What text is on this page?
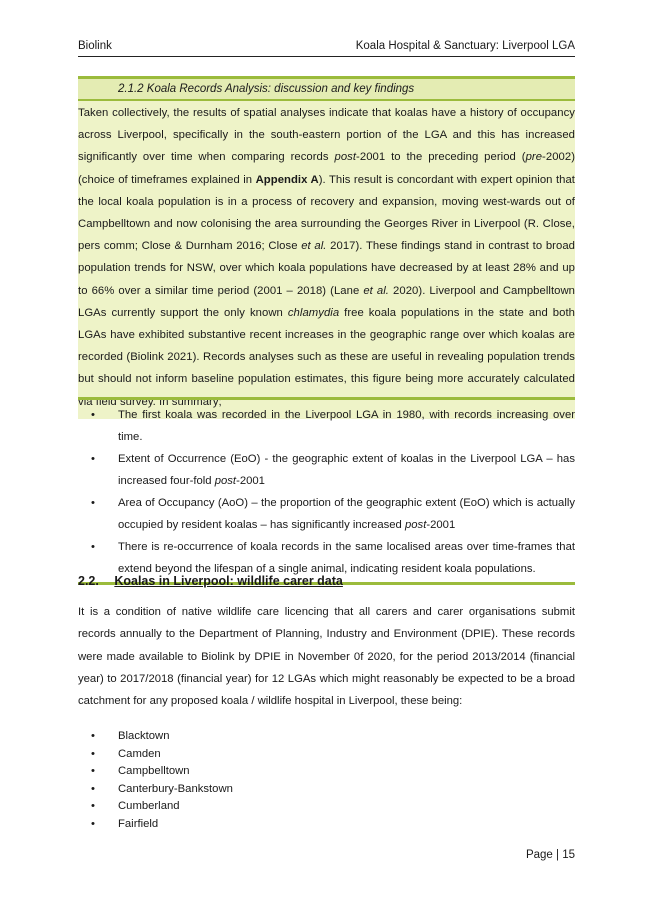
Biolink	Koala Hospital & Sanctuary: Liverpool LGA
2.1.2 Koala Records Analysis: discussion and key findings
Taken collectively, the results of spatial analyses indicate that koalas have a history of occupancy across Liverpool, specifically in the south-eastern portion of the LGA and this has increased significantly over time when comparing records post-2001 to the preceding period (pre-2002) (choice of timeframes explained in Appendix A). This result is concordant with expert opinion that the local koala population is in a process of recovery and expansion, moving west-wards out of Campbelltown and now colonising the area surrounding the Georges River in Liverpool (R. Close, pers comm; Close & Durnham 2016; Close et al. 2017). These findings stand in contrast to broad population trends for NSW, over which koala populations have decreased by at least 28% and up to 66% over a similar time period (2001 – 2018) (Lane et al. 2020). Liverpool and Campbelltown LGAs currently support the only known chlamydia free koala populations in the state and both LGAs have exhibited substantive recent increases in the geographic range over which koalas are recorded (Biolink 2021). Records analyses such as these are useful in revealing population trends but should not inform baseline population estimates, this figure being more accurately calculated via field survey. In summary;
• The first koala was recorded in the Liverpool LGA in 1980, with records increasing over time.
• Extent of Occurrence (EoO) - the geographic extent of koalas in the Liverpool LGA – has increased four-fold post-2001
• Area of Occupancy (AoO) – the proportion of the geographic extent (EoO) which is actually occupied by resident koalas – has significantly increased post-2001
• There is re-occurrence of koala records in the same localised areas over time-frames that extend beyond the lifespan of a single animal, indicating resident koala populations.
2.2. Koalas in Liverpool: wildlife carer data
It is a condition of native wildlife care licencing that all carers and carer organisations submit records annually to the Department of Planning, Industry and Environment (DPIE). These records were made available to Biolink by DPIE in November 0f 2020, for the period 2013/2014 (financial year) to 2017/2018 (financial year) for 12 LGAs which might reasonably be expected to be a broad catchment for any proposed koala / wildlife hospital in Liverpool, these being:
• Blacktown
• Camden
• Campbelltown
• Canterbury-Bankstown
• Cumberland
• Fairfield
Page | 15
